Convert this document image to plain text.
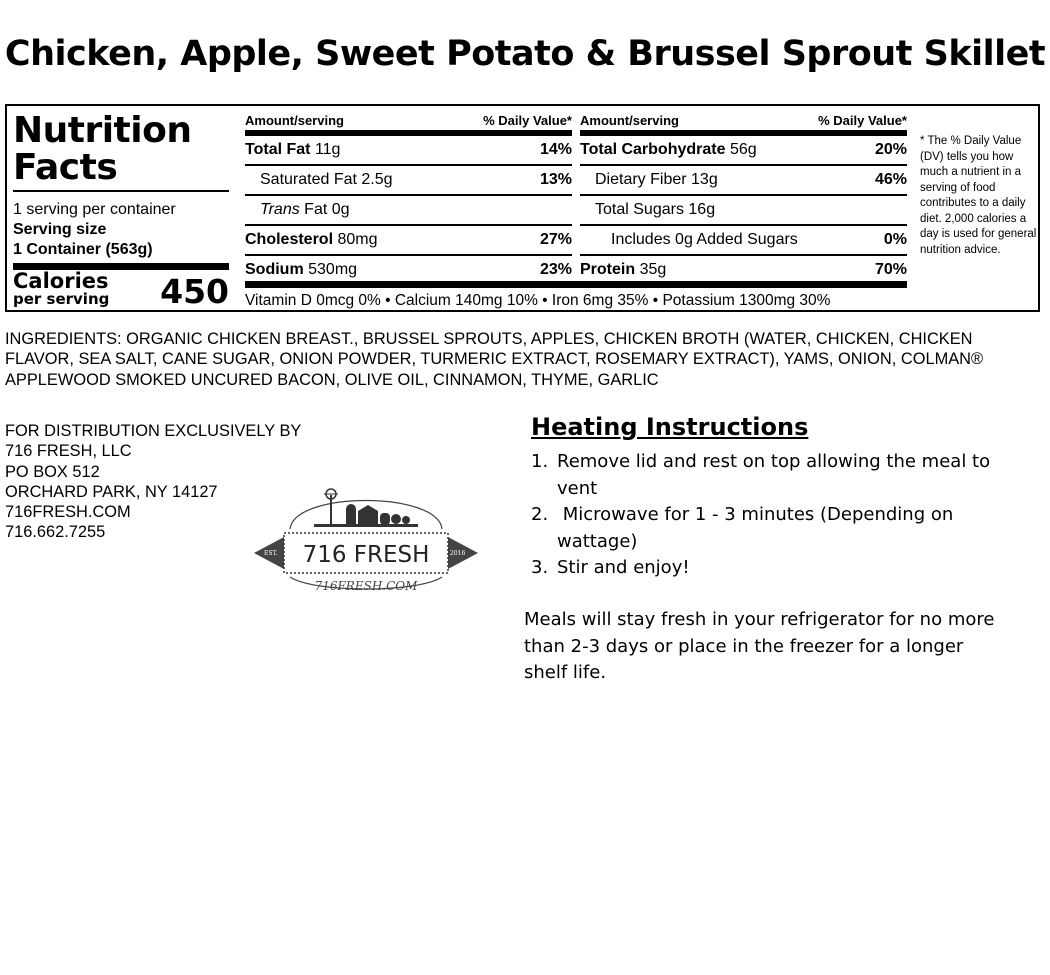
Chicken, Apple, Sweet Potato & Brussel Sprout Skillet
Nutrition
Facts
1 serving per container
Serving size
1 Container (563g)
Calories
per serving 450
Amount/serving	% Daily Value*
Total Fat 11g	14%
Saturated Fat 2.5g	13%
Trans Fat 0g
Cholesterol 80mg	27%
Sodium 530mg	23%
Amount/serving	% Daily Value*
Total Carbohydrate 56g	20%
Dietary Fiber 13g	46%
Total Sugars 16g
Includes 0g Added Sugars	0%
Protein 35g	70%
Vitamin D 0mcg 0% • Calcium 140mg 10% • Iron 6mg 35% • Potassium 1300mg 30%
* The % Daily Value (DV) tells you how much a nutrient in a serving of food contributes to a daily diet. 2,000 calories a day is used for general nutrition advice.
INGREDIENTS: ORGANIC CHICKEN BREAST., BRUSSEL SPROUTS, APPLES, CHICKEN BROTH (WATER, CHICKEN, CHICKEN FLAVOR, SEA SALT, CANE SUGAR, ONION POWDER, TURMERIC EXTRACT, ROSEMARY EXTRACT), YAMS, ONION, COLMAN® APPLEWOOD SMOKED UNCURED BACON, OLIVE OIL, CINNAMON, THYME, GARLIC
FOR DISTRIBUTION EXCLUSIVELY BY
716 FRESH, LLC
PO BOX 512
ORCHARD PARK, NY 14127
716FRESH.COM
716.662.7255
EST.	2016
716 FRESH
716FRESH.COM
Heating Instructions
1. Remove lid and rest on top allowing the meal to vent
2. Microwave for 1 - 3 minutes (Depending on wattage)
3. Stir and enjoy!
Meals will stay fresh in your refrigerator for no more than 2-3 days or place in the freezer for a longer shelf life.
